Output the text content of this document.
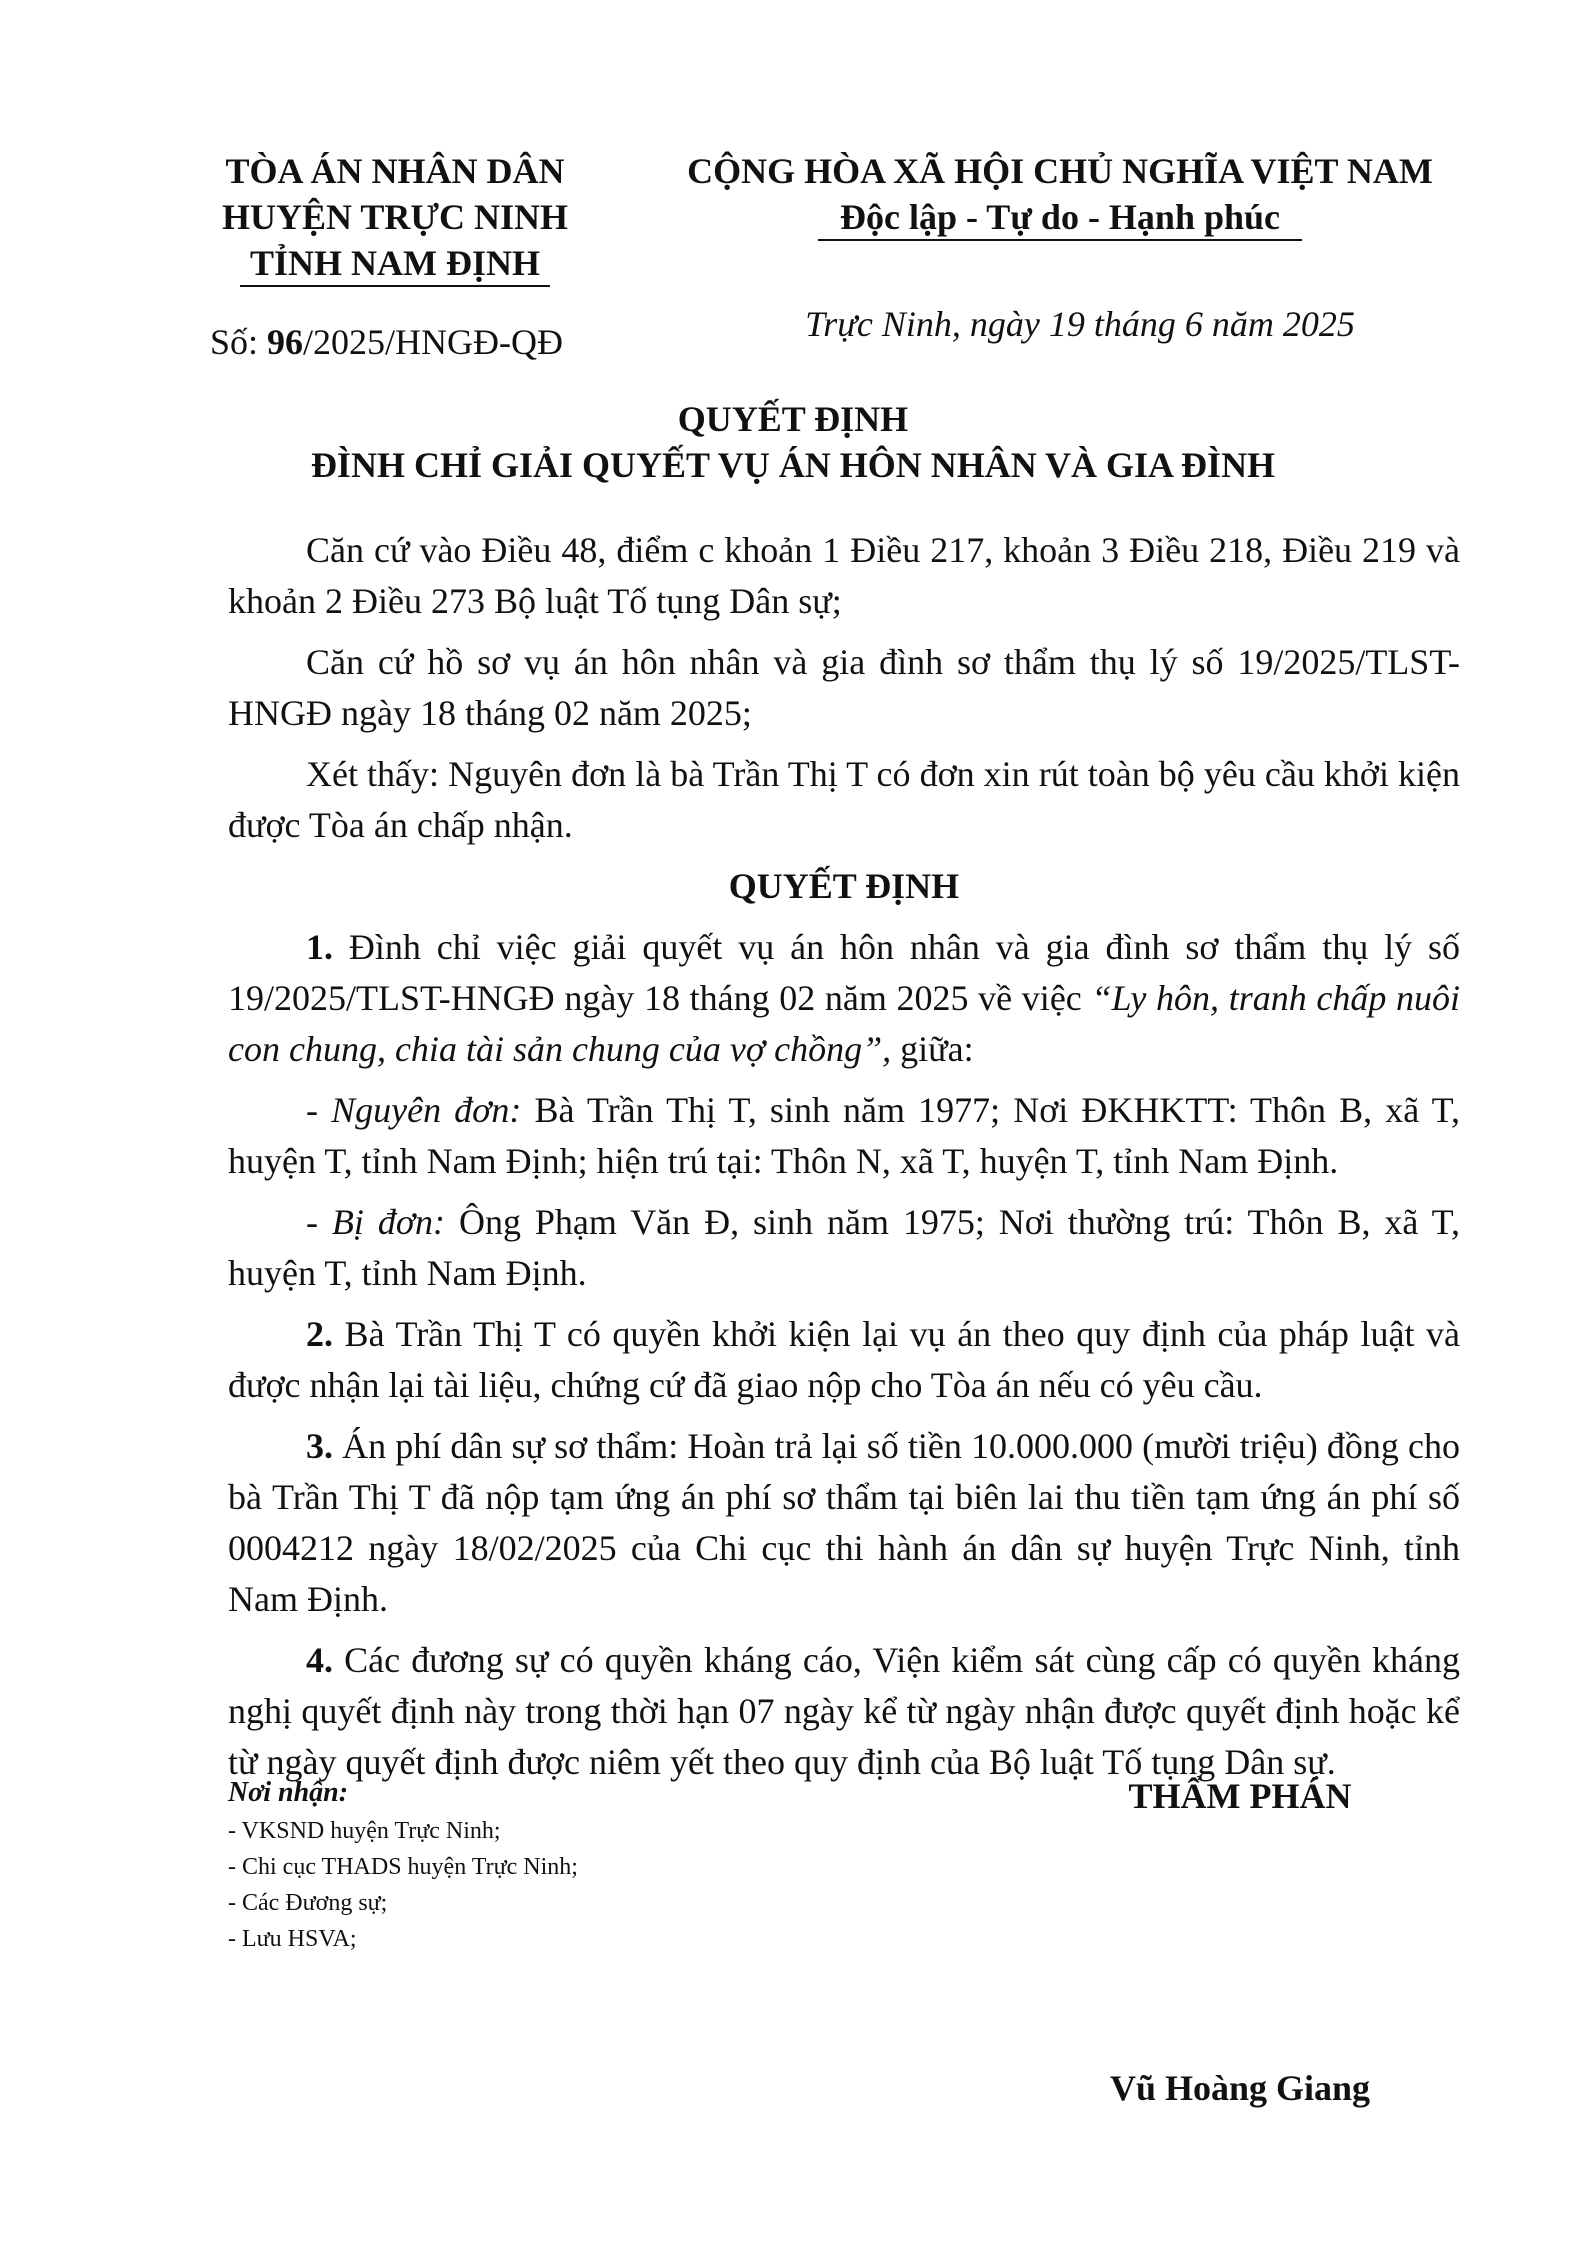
TÒA ÁN NHÂN DÂN
HUYỆN TRỰC NINH
TỈNH NAM ĐỊNH
CỘNG HÒA XÃ HỘI CHỦ NGHĨA VIỆT NAM
Độc lập - Tự do - Hạnh phúc
Số: 96/2025/HNGĐ-QĐ	Trực Ninh, ngày 19 tháng 6 năm 2025
QUYẾT ĐỊNH
ĐÌNH CHỈ GIẢI QUYẾT VỤ ÁN HÔN NHÂN VÀ GIA ĐÌNH

Căn cứ vào Điều 48, điểm c khoản 1 Điều 217, khoản 3 Điều 218, Điều 219 và khoản 2 Điều 273 Bộ luật Tố tụng Dân sự;

Căn cứ hồ sơ vụ án hôn nhân và gia đình sơ thẩm thụ lý số 19/2025/TLST-HNGĐ ngày 18 tháng 02 năm 2025;

Xét thấy: Nguyên đơn là bà Trần Thị T có đơn xin rút toàn bộ yêu cầu khởi kiện được Tòa án chấp nhận.

QUYẾT ĐỊNH

1. Đình chỉ việc giải quyết vụ án hôn nhân và gia đình sơ thẩm thụ lý số 19/2025/TLST-HNGĐ ngày 18 tháng 02 năm 2025 về việc “Ly hôn, tranh chấp nuôi con chung, chia tài sản chung của vợ chồng”, giữa:

- Nguyên đơn: Bà Trần Thị T, sinh năm 1977; Nơi ĐKHKTT: Thôn B, xã T, huyện T, tỉnh Nam Định; hiện trú tại: Thôn N, xã T, huyện T, tỉnh Nam Định.

- Bị đơn: Ông Phạm Văn Đ, sinh năm 1975; Nơi thường trú: Thôn B, xã T, huyện T, tỉnh Nam Định.

2. Bà Trần Thị T có quyền khởi kiện lại vụ án theo quy định của pháp luật và được nhận lại tài liệu, chứng cứ đã giao nộp cho Tòa án nếu có yêu cầu.

3. Án phí dân sự sơ thẩm: Hoàn trả lại số tiền 10.000.000 (mười triệu) đồng cho bà Trần Thị T đã nộp tạm ứng án phí sơ thẩm tại biên lai thu tiền tạm ứng án phí số 0004212 ngày 18/02/2025 của Chi cục thi hành án dân sự huyện Trực Ninh, tỉnh Nam Định.

4. Các đương sự có quyền kháng cáo, Viện kiểm sát cùng cấp có quyền kháng nghị quyết định này trong thời hạn 07 ngày kể từ ngày nhận được quyết định hoặc kể từ ngày quyết định được niêm yết theo quy định của Bộ luật Tố tụng Dân sự.

Nơi nhận:
- VKSND huyện Trực Ninh;
- Chi cục THADS huyện Trực Ninh;
- Các Đương sự;
- Lưu HSVA;
THẨM PHÁN
Vũ Hoàng Giang
